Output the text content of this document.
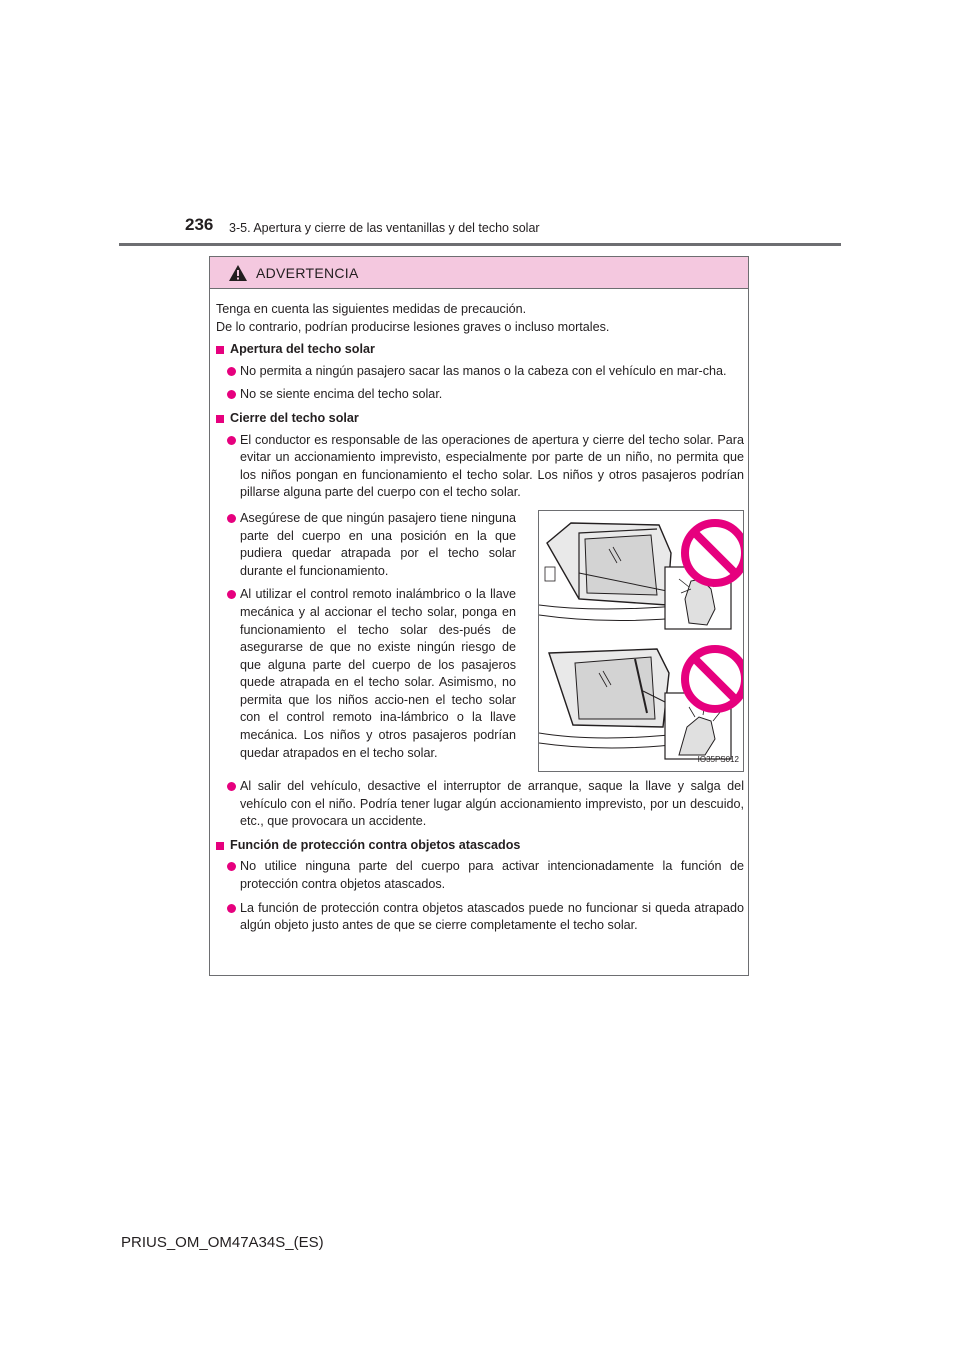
236 3-5. Apertura y cierre de las ventanillas y del techo solar
ADVERTENCIA

Tenga en cuenta las siguientes medidas de precaución.

De lo contrario, podrían producirse lesiones graves o incluso mortales.

Apertura del techo solar
No permita a ningún pasajero sacar las manos o la cabeza con el vehículo en mar-cha.
No se siente encima del techo solar.
Cierre del techo solar
El conductor es responsable de las operaciones de apertura y cierre del techo solar. Para evitar un accionamiento imprevisto, especialmente por parte de un niño, no permita que los niños pongan en funcionamiento el techo solar. Los niños y otros pasajeros podrían pillarse alguna parte del cuerpo con el techo solar.
Asegúrese de que ningún pasajero tiene ninguna parte del cuerpo en una posición en la que pudiera quedar atrapada por el techo solar durante el funcionamiento.
Al utilizar el control remoto inalámbrico o la llave mecánica y al accionar el techo solar, ponga en funcionamiento el techo solar des-pués de asegurarse de que no existe ningún riesgo de que alguna parte del cuerpo de los pasajeros quede atrapada en el techo solar. Asimismo, no permita que los niños accio-nen el techo solar con el control remoto ina-lámbrico o la llave mecánica. Los niños y otros pasajeros podrían quedar atrapados en el techo solar.
IO35PS012
Al salir del vehículo, desactive el interruptor de arranque, saque la llave y salga del vehículo con el niño. Podría tener lugar algún accionamiento imprevisto, por un descuido, etc., que provocara un accidente.
Función de protección contra objetos atascados
No utilice ninguna parte del cuerpo para activar intencionadamente la función de protección contra objetos atascados.
La función de protección contra objetos atascados puede no funcionar si queda atrapado algún objeto justo antes de que se cierre completamente el techo solar.
PRIUS_OM_OM47A34S_(ES)
